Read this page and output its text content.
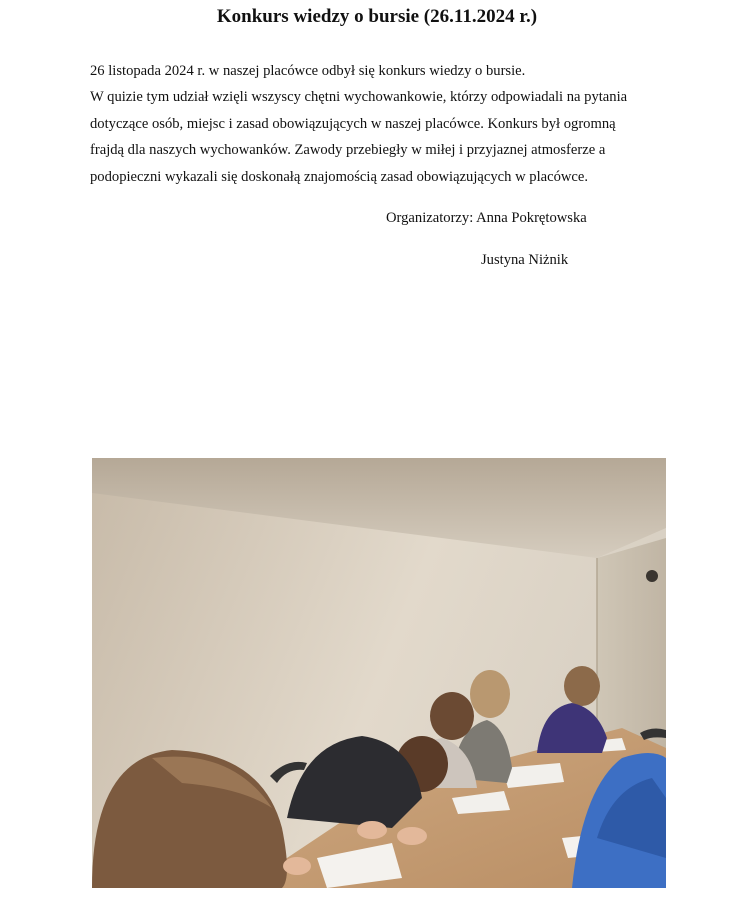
Konkurs wiedzy o bursie (26.11.2024 r.)
26 listopada 2024 r. w naszej placówce odbył się konkurs wiedzy o bursie.
W quizie tym udział wzięli wszyscy chętni wychowankowie, którzy odpowiadali na pytania
dotyczące osób, miejsc i zasad obowiązujących w naszej placówce. Konkurs był ogromną
frajdą dla naszych wychowanków. Zawody przebiegły w miłej i przyjaznej atmosferze a
podopieczni wykazali się doskonałą znajomością zasad obowiązujących w placówce.
Organizatorzy: Anna Pokrętowska
Justyna Niżnik
